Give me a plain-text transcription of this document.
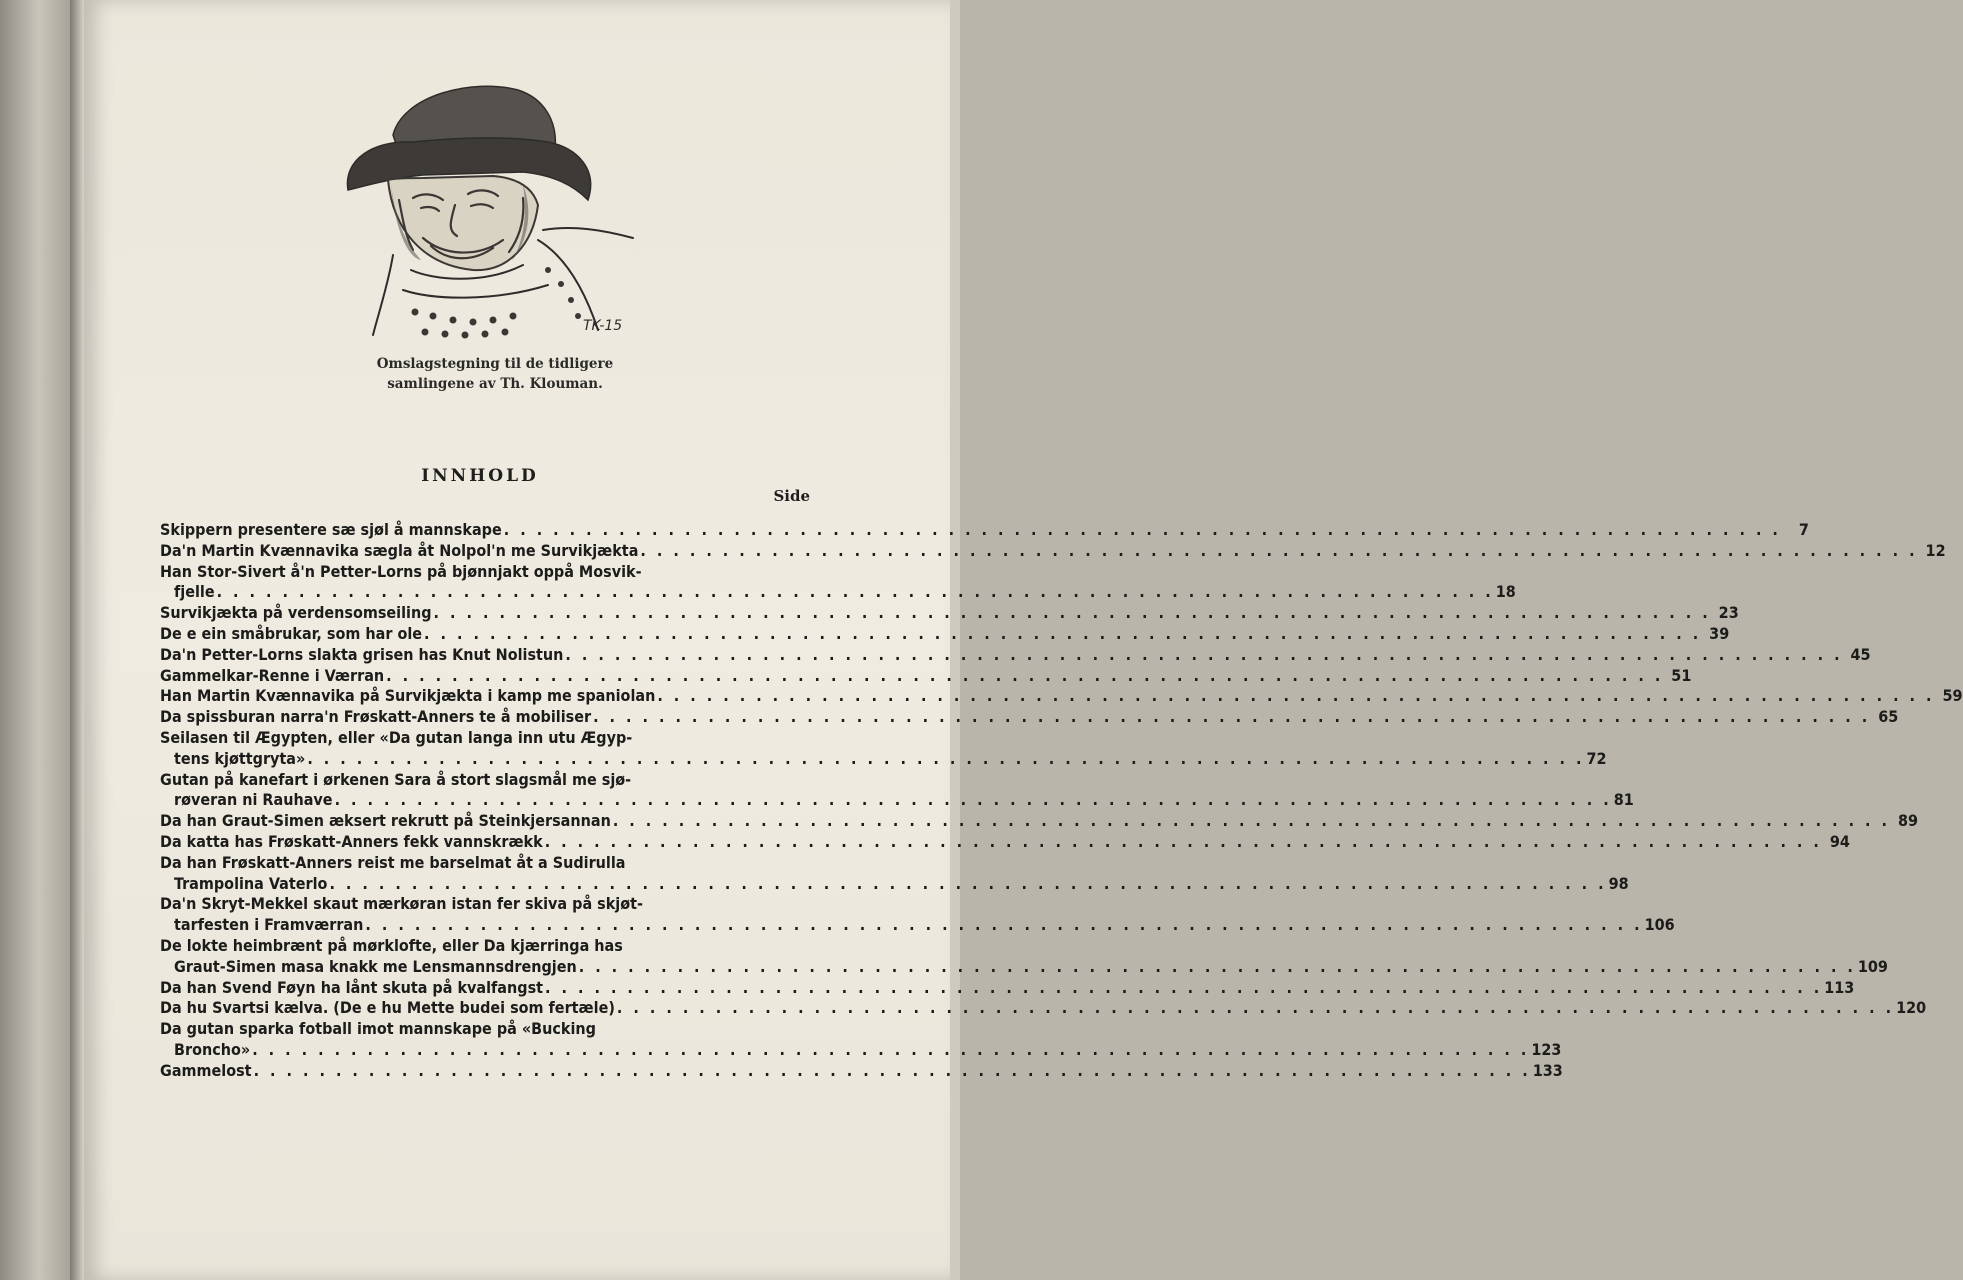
TK-15
Omslagstegning til de tidligere
samlingene av Th. Klouman.
INNHOLD
Side
Skippern presentere sæ sjøl å mannskape . . .	7
Da'n Martin Kvænnavika sægla åt Nolpol'n me Survikjækta . . .	12
Han Stor-Sivert å'n Petter-Lorns på bjønnjakt oppå Mosvik-
fjelle . . .	18
Survikjækta på verdensomseiling . . .	23
De e ein småbrukar, som har ole . . .	39
Da'n Petter-Lorns slakta grisen has Knut Nolistun . . .	45
Gammelkar-Renne i Værran . . .	51
Han Martin Kvænnavika på Survikjækta i kamp me spaniolan . . .	59
Da spissburan narra'n Frøskatt-Anners te å mobiliser . . .	65
Seilasen til Ægypten, eller «Da gutan langa inn utu Ægyp-
tens kjøttgryta» . . .	72
Gutan på kanefart i ørkenen Sara å stort slagsmål me sjø-
røveran ni Rauhave . . .	81
Da han Graut-Simen æksert rekrutt på Steinkjersannan . . .	89
Da katta has Frøskatt-Anners fekk vannskrækk . . .	94
Da han Frøskatt-Anners reist me barselmat åt a Sudirulla
Trampolina Vaterlo . . .	98
Da'n Skryt-Mekkel skaut mærkøran istan fer skiva på skjøt-
tarfesten i Framværran . . .	106
De lokte heimbrænt på mørklofte, eller Da kjærringa has
Graut-Simen masa knakk me Lensmannsdrengjen . . .	109
Da han Svend Føyn ha lånt skuta på kvalfangst . . .	113
Da hu Svartsi kælva. (De e hu Mette budei som fertæle) . . .	120
Da gutan sparka fotball imot mannskape på «Bucking
Broncho» . . .	123
Gammelost . . .	133
